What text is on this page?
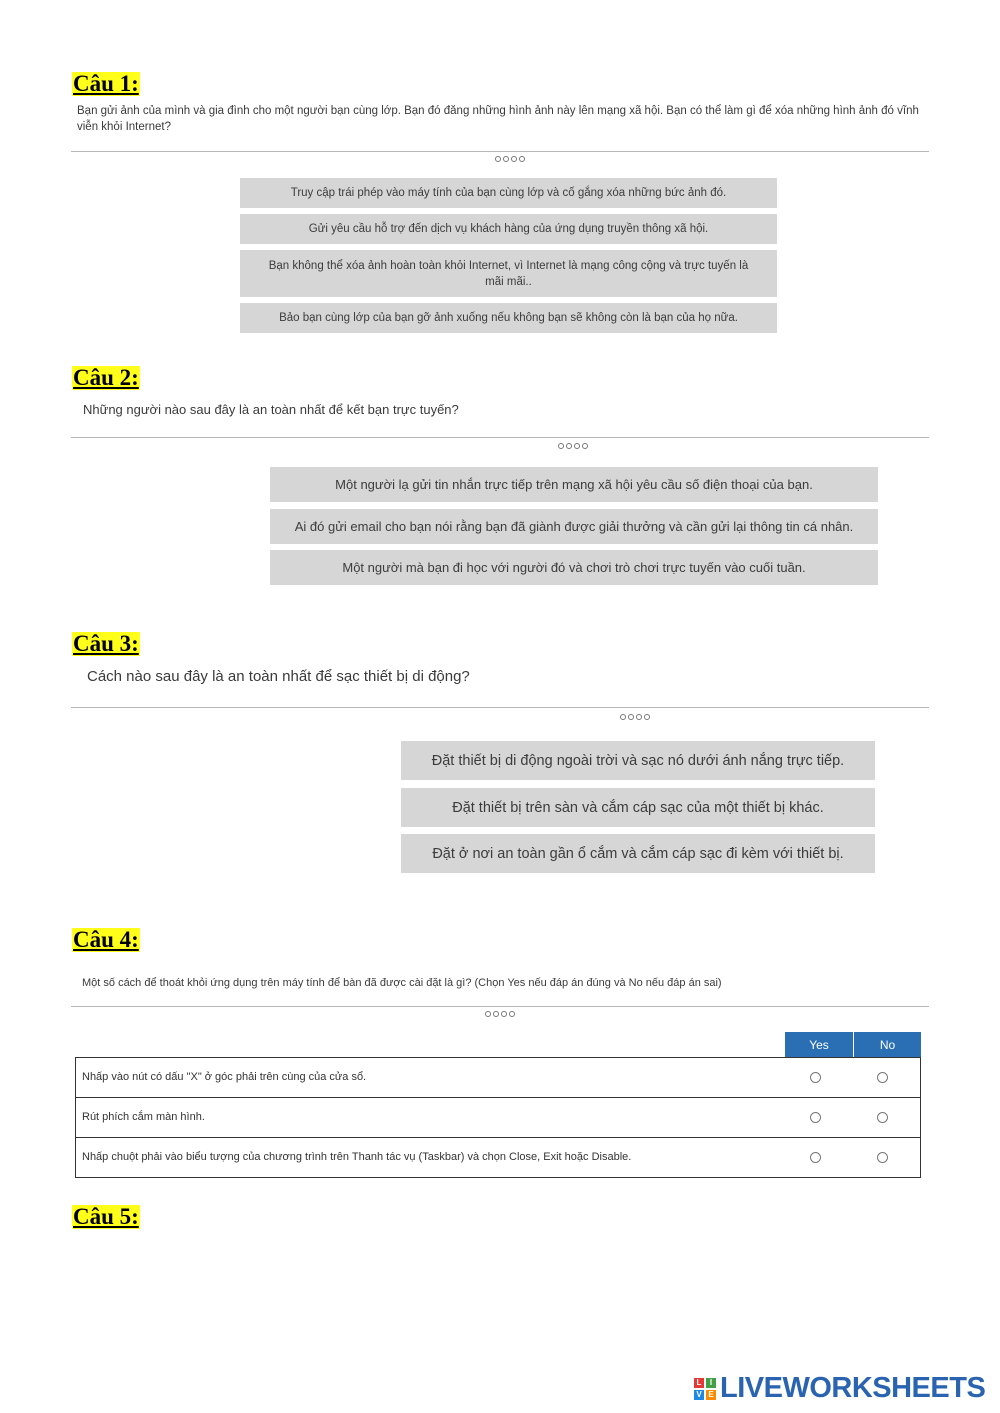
Câu 1:

Bạn gửi ảnh của mình và gia đình cho một người bạn cùng lớp. Bạn đó đăng những hình ảnh này lên mạng xã hội. Bạn có thể làm gì để xóa những hình ảnh đó vĩnh viễn khỏi Internet?

Truy cập trái phép vào máy tính của bạn cùng lớp và cố gắng xóa những bức ảnh đó.
Gửi yêu cầu hỗ trợ đến dịch vụ khách hàng của ứng dụng truyền thông xã hội.
Bạn không thể xóa ảnh hoàn toàn khỏi Internet, vì Internet là mạng công cộng và trực tuyến là mãi mãi..
Bảo bạn cùng lớp của bạn gỡ ảnh xuống nếu không bạn sẽ không còn là bạn của họ nữa.
Câu 2:

Những người nào sau đây là an toàn nhất để kết bạn trực tuyến?

Một người lạ gửi tin nhắn trực tiếp trên mạng xã hội yêu cầu số điện thoại của bạn.
Ai đó gửi email cho bạn nói rằng bạn đã giành được giải thưởng và cần gửi lại thông tin cá nhân.
Một người mà bạn đi học với người đó và chơi trò chơi trực tuyến vào cuối tuần.
Câu 3:

Cách nào sau đây là an toàn nhất để sạc thiết bị di động?

Đặt thiết bị di động ngoài trời và sạc nó dưới ánh nắng trực tiếp.
Đặt thiết bị trên sàn và cắm cáp sạc của một thiết bị khác.
Đặt ở nơi an toàn gần ổ cắm và cắm cáp sạc đi kèm với thiết bị.
Câu 4:

Một số cách để thoát khỏi ứng dụng trên máy tính để bàn đã được cài đặt là gì? (Chọn Yes nếu đáp án đúng và No nếu đáp án sai)

Yes	No
Nhấp vào nút có dấu "X" ở góc phải trên cùng của cửa sổ.
Rút phích cắm màn hình.
Nhấp chuột phải vào biểu tượng của chương trình trên Thanh tác vụ (Taskbar) và chọn Close, Exit hoặc Disable.
Câu 5:
L	I
V E LIVEWORKSHEETS
